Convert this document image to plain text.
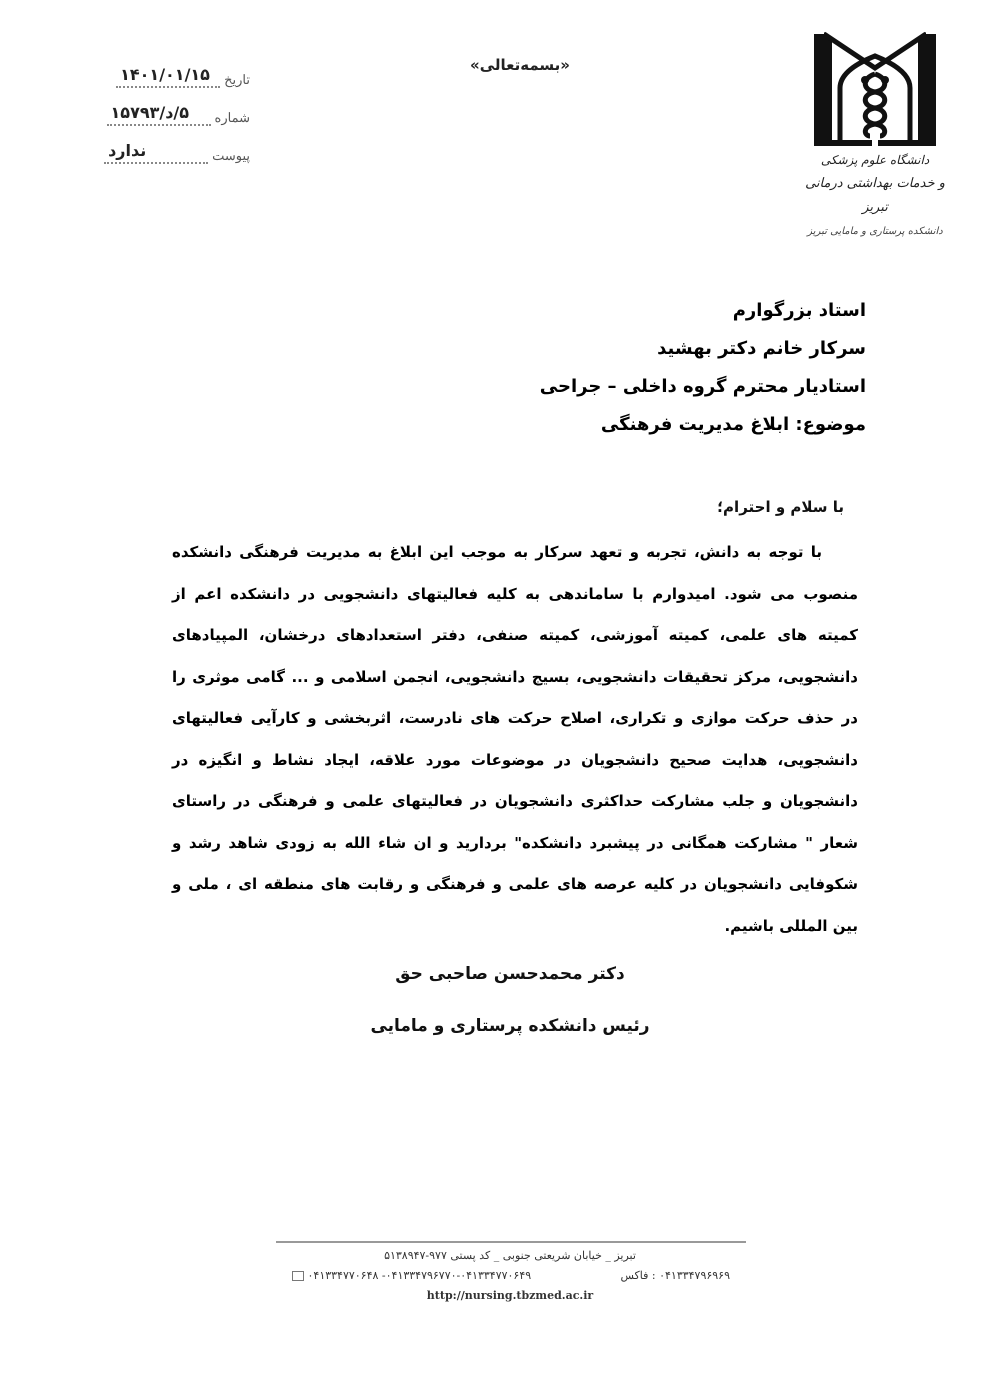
دانشگاه علوم پزشکی
و خدمات بهداشتی درمانی تبریز
دانشکده پرستاری و مامایی تبریز
«بسمه‌تعالی»
تاریخ
۱۴۰۱/۰۱/۱۵
شماره
۵/د/۱۵۷۹۳
پیوست
ندارد
استاد بزرگوارم
سرکار خانم دکتر بهشید
استادیار محترم گروه داخلی – جراحی
موضوع: ابلاغ مدیریت فرهنگی
با سلام و احترام؛

با توجه به دانش، تجربه و تعهد سرکار به موجب این ابلاغ به مدیریت فرهنگی دانشکده منصوب می شود. امیدوارم با ساماندهی به کلیه فعالیتهای دانشجویی در دانشکده اعم از کمیته های علمی، کمیته آموزشی، کمیته صنفی، دفتر استعدادهای درخشان، المپیادهای دانشجویی، مرکز تحقیقات دانشجویی، بسیج دانشجویی، انجمن اسلامی و ... گامی موثری را در حذف حرکت موازی و تکراری، اصلاح حرکت های نادرست، اثربخشی و کارآیی فعالیتهای دانشجویی، هدایت صحیح دانشجویان در موضوعات مورد علاقه، ایجاد نشاط و انگیزه در دانشجویان و جلب مشارکت حداکثری دانشجویان در فعالیتهای علمی و فرهنگی در راستای شعار " مشارکت همگانی در پیشبرد دانشکده" بردارید و ان شاء الله به زودی شاهد رشد و شکوفایی دانشجویان در کلیه عرصه های علمی و فرهنگی و رقابت های منطقه ای ، ملی و بین المللی باشیم.

دکتر محمدحسن صاحبی حق
رئیس دانشکده پرستاری و مامایی
تبریز _ خیابان شریعتی جنوبی _ کد پستی ۹۷۷-۵۱۳۸۹۴۷
۰۴۱۳۳۴۷۹۶۹۶۹ : فاکس
۰۴۱۳۳۴۷۹۶۷۷۰-۰۴۱۳۳۴۷۷۰۶۴۹- ۰۴۱۳۳۴۷۷۰۶۴۸
http://nursing.tbzmed.ac.ir
